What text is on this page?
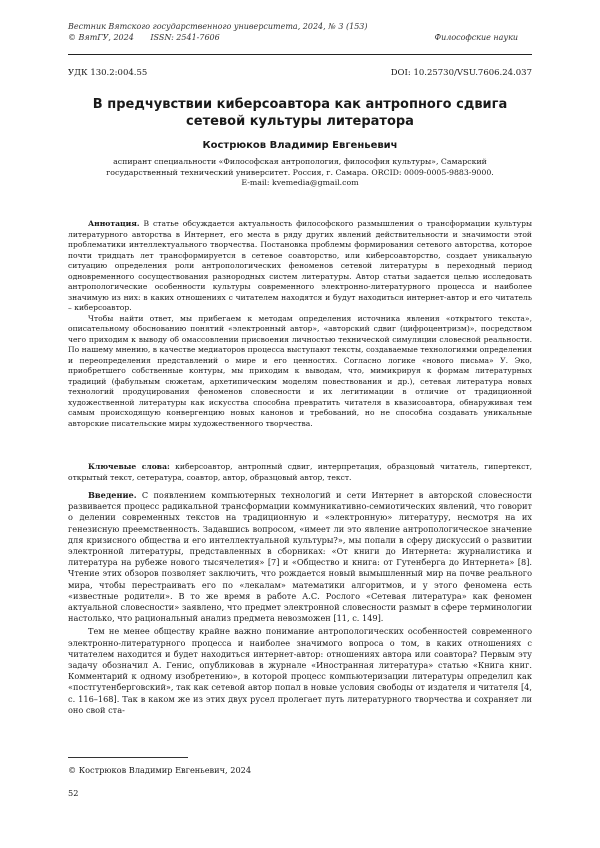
Вестник Вятского государственного университета, 2024, № 3 (153)
© ВятГУ, 2024 ISSN: 2541-7606	Философские науки
УДК 130.2:004.55	DOI: 10.25730/VSU.7606.24.037
В предчувствии киберсоавтора как антропного сдвига сетевой культуры литератора
Кострюков Владимир Евгеньевич
аспирант специальности «Философская антропология, философия культуры», Самарский государственный технический университет. Россия, г. Самара. ORCID: 0009-0005-9883-9000.
E-mail: kvemedia@gmail.com

Аннотация. В статье обсуждается актуальность философского размышления о трансформации культуры литературного авторства в Интернет, его места в ряду других явлений действительности и значимости этой проблематики интеллектуального творчества. Постановка проблемы формирования сетевого авторства, которое почти тридцать лет трансформируется в сетевое соавторство, или киберсоавторство, создает уникальную ситуацию определения роли антропологических феноменов сетевой литературы в переходный период одновременного сосуществования разнородных систем литературы. Автор статьи задается целью исследовать антропологические особенности культуры современного электронно-литературного процесса и наиболее значимую из них: в каких отношениях с читателем находятся и будут находиться интернет-автор и его читатель – киберсоавтор.

Чтобы найти ответ, мы прибегаем к методам определения источника явления «открытого текста», описательному обоснованию понятий «электронный автор», «авторский сдвиг (цифроцентризм)», посредством чего приходим к выводу об омассовлении присвоения личностью технической симуляции словесной реальности. По нашему мнению, в качестве медиаторов процесса выступают тексты, создаваемые технологиями определения и переопределения представлений о мире и его ценностях. Согласно логике «нового письма» У. Эко, приобретшего собственные контуры, мы приходим к выводам, что, мимикрируя к формам литературных традиций (фабульным сюжетам, архетипическим моделям повествования и др.), сетевая литература новых технологий продуцирования феноменов словесности и их легитимации в отличие от традиционной художественной литературы как искусства способна превратить читателя в квазисоавтора, обнаруживая тем самым происходящую конвергенцию новых канонов и требований, но не способна создавать уникальные авторские писательские миры художественного творчества.

Ключевые слова: киберсоавтор, антропный сдвиг, интерпретация, образцовый читатель, гипертекст, открытый текст, сетература, соавтор, автор, образцовый автор, текст.

Введение. С появлением компьютерных технологий и сети Интернет в авторской словесности развивается процесс радикальной трансформации коммуникативно-семиотических явлений, что говорит о делении современных текстов на традиционную и «электронную» литературу, несмотря на их генезисную преемственность. Задавшись вопросом, «имеет ли это явление антропологическое значение для кризисного общества и его интеллектуальной культуры?», мы попали в сферу дискуссий о развитии электронной литературы, представленных в сборниках: «От книги до Интернета: журналистика и литература на рубеже нового тысячелетия» [7] и «Общество и книга: от Гутенберга до Интернета» [8]. Чтение этих обзоров позволяет заключить, что рождается новый вымышленный мир на почве реального мира, чтобы перестраивать его по «лекалам» математики алгоритмов, и у этого феномена есть «известные родители». В то же время в работе А.С. Рослого «Сетевая литература» как феномен актуальной словесности» заявлено, что предмет электронной словесности размыт в сфере терминологии настолько, что рациональный анализ предмета невозможен [11, с. 149].

Тем не менее обществу крайне важно понимание антропологических особенностей современного электронно-литературного процесса и наиболее значимого вопроса о том, в каких отношениях с читателем находится и будет находиться интернет-автор: отношениях автора или соавтора? Первым эту задачу обозначил А. Генис, опубликовав в журнале «Иностранная литература» статью «Книга книг. Комментарий к одному изобретению», в которой процесс компьютеризации литературы определил как «постгутенберговский», так как сетевой автор попал в новые условия свободы от издателя и читателя [4, с. 116–168]. Так в каком же из этих двух русел пролегает путь литературного творчества и сохраняет ли оно свой ста-

© Кострюков Владимир Евгеньевич, 2024
52
